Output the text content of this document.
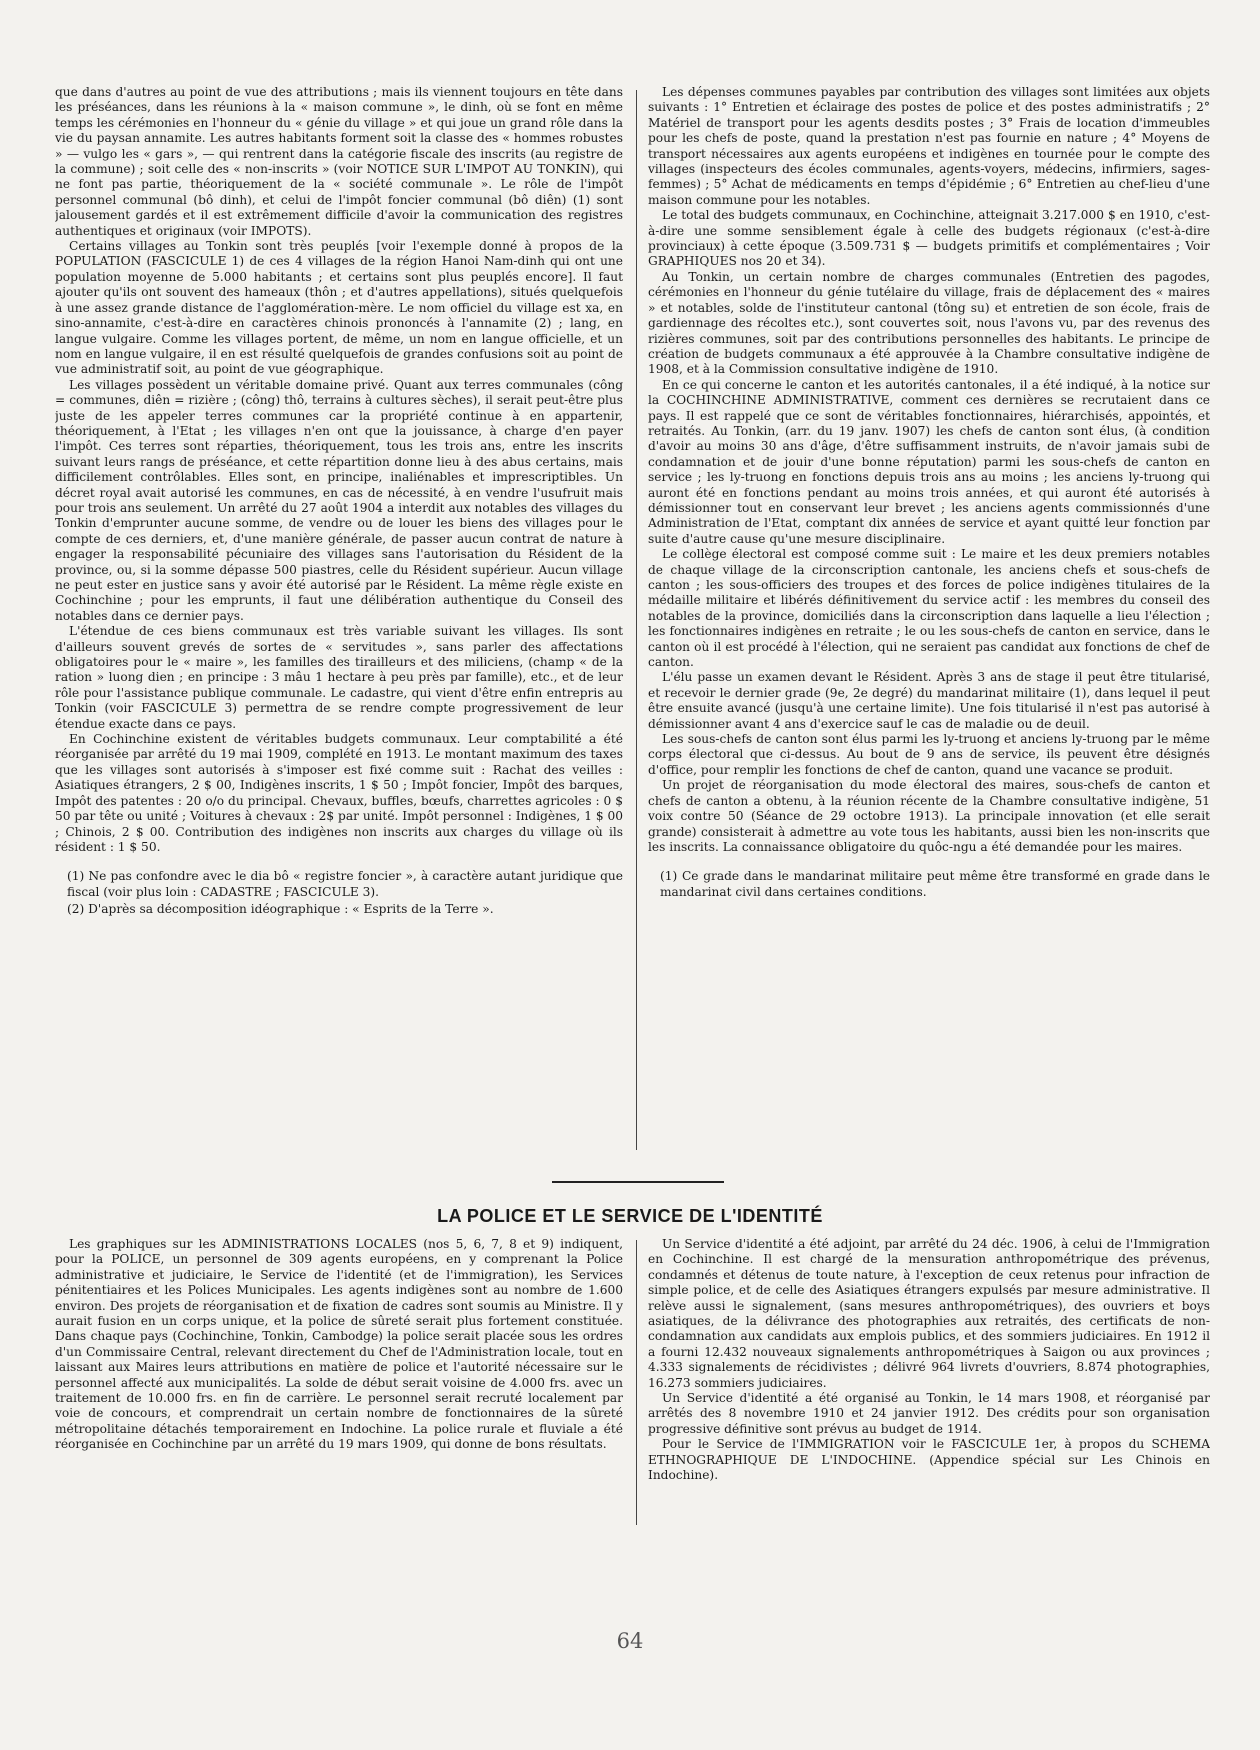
que dans d'autres au point de vue des attributions ; mais ils viennent toujours en tête dans les préséances, dans les réunions à la « maison commune », le dinh, où se font en même temps les cérémonies en l'honneur du « génie du village » et qui joue un grand rôle dans la vie du paysan annamite. Les autres habitants forment soit la classe des « hommes robustes » — vulgo les « gars », — qui rentrent dans la catégorie fiscale des inscrits (au registre de la commune) ; soit celle des « non-inscrits » (voir NOTICE SUR L'IMPOT AU TONKIN), qui ne font pas partie, théoriquement de la « société communale ». Le rôle de l'impôt personnel communal (bô dinh), et celui de l'impôt foncier communal (bô diên) (1) sont jalousement gardés et il est extrêmement difficile d'avoir la communication des registres authentiques et originaux (voir IMPOTS).

Certains villages au Tonkin sont très peuplés [voir l'exemple donné à propos de la POPULATION (FASCICULE 1) de ces 4 villages de la région Hanoi Nam-dinh qui ont une population moyenne de 5.000 habitants ; et certains sont plus peuplés encore]. Il faut ajouter qu'ils ont souvent des hameaux (thôn ; et d'autres appellations), situés quelquefois à une assez grande distance de l'agglomération-mère. Le nom officiel du village est xa, en sino-annamite, c'est-à-dire en caractères chinois prononcés à l'annamite (2) ; lang, en langue vulgaire. Comme les villages portent, de même, un nom en langue officielle, et un nom en langue vulgaire, il en est résulté quelquefois de grandes confusions soit au point de vue administratif soit, au point de vue géographique.

Les villages possèdent un véritable domaine privé. Quant aux terres communales (công = communes, diên = rizière ; (công) thô, terrains à cultures sèches), il serait peut-être plus juste de les appeler terres communes car la propriété continue à en appartenir, théoriquement, à l'Etat ; les villages n'en ont que la jouissance, à charge d'en payer l'impôt. Ces terres sont réparties, théoriquement, tous les trois ans, entre les inscrits suivant leurs rangs de préséance, et cette répartition donne lieu à des abus certains, mais difficilement contrôlables. Elles sont, en principe, inaliénables et imprescriptibles. Un décret royal avait autorisé les communes, en cas de nécessité, à en vendre l'usufruit mais pour trois ans seulement. Un arrêté du 27 août 1904 a interdit aux notables des villages du Tonkin d'emprunter aucune somme, de vendre ou de louer les biens des villages pour le compte de ces derniers, et, d'une manière générale, de passer aucun contrat de nature à engager la responsabilité pécuniaire des villages sans l'autorisation du Résident de la province, ou, si la somme dépasse 500 piastres, celle du Résident supérieur. Aucun village ne peut ester en justice sans y avoir été autorisé par le Résident. La même règle existe en Cochinchine ; pour les emprunts, il faut une délibération authentique du Conseil des notables dans ce dernier pays.

L'étendue de ces biens communaux est très variable suivant les villages. Ils sont d'ailleurs souvent grevés de sortes de « servitudes », sans parler des affectations obligatoires pour le « maire », les familles des tirailleurs et des miliciens, (champ « de la ration » luong dien ; en principe : 3 mâu 1 hectare à peu près par famille), etc., et de leur rôle pour l'assistance publique communale. Le cadastre, qui vient d'être enfin entrepris au Tonkin (voir FASCICULE 3) permettra de se rendre compte progressivement de leur étendue exacte dans ce pays.

En Cochinchine existent de véritables budgets communaux. Leur comptabilité a été réorganisée par arrêté du 19 mai 1909, complété en 1913. Le montant maximum des taxes que les villages sont autorisés à s'imposer est fixé comme suit : Rachat des veilles : Asiatiques étrangers, 2 $ 00, Indigènes inscrits, 1 $ 50 ; Impôt foncier, Impôt des barques, Impôt des patentes : 20 o/o du principal. Chevaux, buffles, bœufs, charrettes agricoles : 0 $ 50 par tête ou unité ; Voitures à chevaux : 2$ par unité. Impôt personnel : Indigènes, 1 $ 00 ; Chinois, 2 $ 00. Contribution des indigènes non inscrits aux charges du village où ils résident : 1 $ 50.

(1) Ne pas confondre avec le dia bô « registre foncier », à caractère autant juridique que fiscal (voir plus loin : CADASTRE ; FASCICULE 3).

(2) D'après sa décomposition idéographique : « Esprits de la Terre ».

Les dépenses communes payables par contribution des villages sont limitées aux objets suivants : 1° Entretien et éclairage des postes de police et des postes administratifs ; 2° Matériel de transport pour les agents desdits postes ; 3° Frais de location d'immeubles pour les chefs de poste, quand la prestation n'est pas fournie en nature ; 4° Moyens de transport nécessaires aux agents européens et indigènes en tournée pour le compte des villages (inspecteurs des écoles communales, agents-voyers, médecins, infirmiers, sages-femmes) ; 5° Achat de médicaments en temps d'épidémie ; 6° Entretien au chef-lieu d'une maison commune pour les notables.

Le total des budgets communaux, en Cochinchine, atteignait 3.217.000 $ en 1910, c'est-à-dire une somme sensiblement égale à celle des budgets régionaux (c'est-à-dire provinciaux) à cette époque (3.509.731 $ — budgets primitifs et complémentaires ; Voir GRAPHIQUES nos 20 et 34).

Au Tonkin, un certain nombre de charges communales (Entretien des pagodes, cérémonies en l'honneur du génie tutélaire du village, frais de déplacement des « maires » et notables, solde de l'instituteur cantonal (tông su) et entretien de son école, frais de gardiennage des récoltes etc.), sont couvertes soit, nous l'avons vu, par des revenus des rizières communes, soit par des contributions personnelles des habitants. Le principe de création de budgets communaux a été approuvée à la Chambre consultative indigène de 1908, et à la Commission consultative indigène de 1910.

En ce qui concerne le canton et les autorités cantonales, il a été indiqué, à la notice sur la COCHINCHINE ADMINISTRATIVE, comment ces dernières se recrutaient dans ce pays. Il est rappelé que ce sont de véritables fonctionnaires, hiérarchisés, appointés, et retraités. Au Tonkin, (arr. du 19 janv. 1907) les chefs de canton sont élus, (à condition d'avoir au moins 30 ans d'âge, d'être suffisamment instruits, de n'avoir jamais subi de condamnation et de jouir d'une bonne réputation) parmi les sous-chefs de canton en service ; les ly-truong en fonctions depuis trois ans au moins ; les anciens ly-truong qui auront été en fonctions pendant au moins trois années, et qui auront été autorisés à démissionner tout en conservant leur brevet ; les anciens agents commissionnés d'une Administration de l'Etat, comptant dix années de service et ayant quitté leur fonction par suite d'autre cause qu'une mesure disciplinaire.

Le collège électoral est composé comme suit : Le maire et les deux premiers notables de chaque village de la circonscription cantonale, les anciens chefs et sous-chefs de canton ; les sous-officiers des troupes et des forces de police indigènes titulaires de la médaille militaire et libérés définitivement du service actif : les membres du conseil des notables de la province, domiciliés dans la circonscription dans laquelle a lieu l'élection ; les fonctionnaires indigènes en retraite ; le ou les sous-chefs de canton en service, dans le canton où il est procédé à l'élection, qui ne seraient pas candidat aux fonctions de chef de canton.

L'élu passe un examen devant le Résident. Après 3 ans de stage il peut être titularisé, et recevoir le dernier grade (9e, 2e degré) du mandarinat militaire (1), dans lequel il peut être ensuite avancé (jusqu'à une certaine limite). Une fois titularisé il n'est pas autorisé à démissionner avant 4 ans d'exercice sauf le cas de maladie ou de deuil.

Les sous-chefs de canton sont élus parmi les ly-truong et anciens ly-truong par le même corps électoral que ci-dessus. Au bout de 9 ans de service, ils peuvent être désignés d'office, pour remplir les fonctions de chef de canton, quand une vacance se produit.

Un projet de réorganisation du mode électoral des maires, sous-chefs de canton et chefs de canton a obtenu, à la réunion récente de la Chambre consultative indigène, 51 voix contre 50 (Séance de 29 octobre 1913). La principale innovation (et elle serait grande) consisterait à admettre au vote tous les habitants, aussi bien les non-inscrits que les inscrits. La connaissance obligatoire du quôc-ngu a été demandée pour les maires.

(1) Ce grade dans le mandarinat militaire peut même être transformé en grade dans le mandarinat civil dans certaines conditions.

LA POLICE ET LE SERVICE DE L'IDENTITÉ

Les graphiques sur les ADMINISTRATIONS LOCALES (nos 5, 6, 7, 8 et 9) indiquent, pour la POLICE, un personnel de 309 agents européens, en y comprenant la Police administrative et judiciaire, le Service de l'identité (et de l'immigration), les Services pénitentiaires et les Polices Municipales. Les agents indigènes sont au nombre de 1.600 environ. Des projets de réorganisation et de fixation de cadres sont soumis au Ministre. Il y aurait fusion en un corps unique, et la police de sûreté serait plus fortement constituée. Dans chaque pays (Cochinchine, Tonkin, Cambodge) la police serait placée sous les ordres d'un Commissaire Central, relevant directement du Chef de l'Administration locale, tout en laissant aux Maires leurs attributions en matière de police et l'autorité nécessaire sur le personnel affecté aux municipalités. La solde de début serait voisine de 4.000 frs. avec un traitement de 10.000 frs. en fin de carrière. Le personnel serait recruté localement par voie de concours, et comprendrait un certain nombre de fonctionnaires de la sûreté métropolitaine détachés temporairement en Indochine. La police rurale et fluviale a été réorganisée en Cochinchine par un arrêté du 19 mars 1909, qui donne de bons résultats.

Un Service d'identité a été adjoint, par arrêté du 24 déc. 1906, à celui de l'Immigration en Cochinchine. Il est chargé de la mensuration anthropométrique des prévenus, condamnés et détenus de toute nature, à l'exception de ceux retenus pour infraction de simple police, et de celle des Asiatiques étrangers expulsés par mesure administrative. Il relève aussi le signalement, (sans mesures anthropométriques), des ouvriers et boys asiatiques, de la délivrance des photographies aux retraités, des certificats de non-condamnation aux candidats aux emplois publics, et des sommiers judiciaires. En 1912 il a fourni 12.432 nouveaux signalements anthropométriques à Saigon ou aux provinces ; 4.333 signalements de récidivistes ; délivré 964 livrets d'ouvriers, 8.874 photographies, 16.273 sommiers judiciaires.

Un Service d'identité a été organisé au Tonkin, le 14 mars 1908, et réorganisé par arrêtés des 8 novembre 1910 et 24 janvier 1912. Des crédits pour son organisation progressive définitive sont prévus au budget de 1914.

Pour le Service de l'IMMIGRATION voir le FASCICULE 1er, à propos du SCHEMA ETHNOGRAPHIQUE DE L'INDOCHINE. (Appendice spécial sur Les Chinois en Indochine).

64
